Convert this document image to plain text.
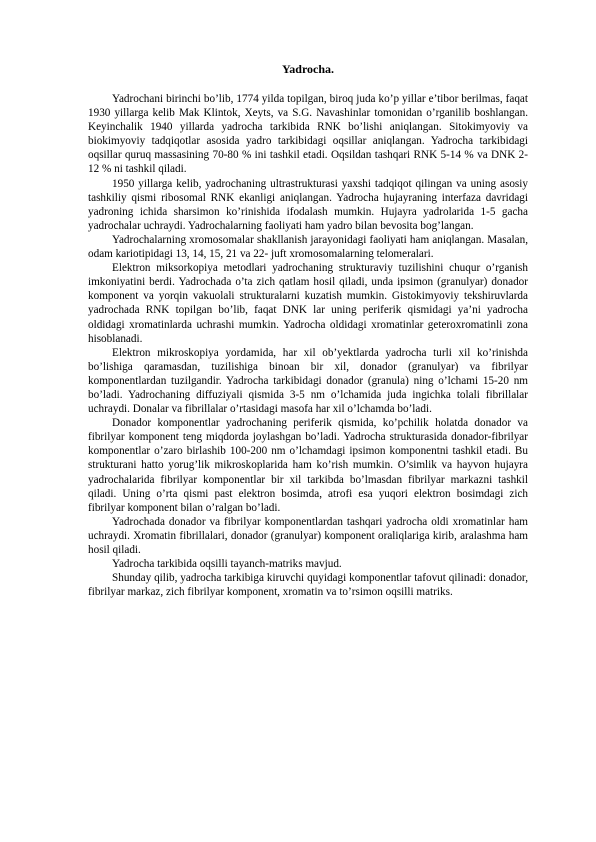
Yadrocha.

Yadrochani birinchi bo’lib, 1774 yilda topilgan, biroq juda ko’p yillar e’tibor berilmas, faqat 1930 yillarga kelib Mak Klintok, Xeyts, va S.G. Navashinlar tomonidan o’rganilib boshlangan. Keyinchalik 1940 yillarda yadrocha tarkibida RNK bo’lishi aniqlangan. Sitokimyoviy va biokimyoviy tadqiqotlar asosida yadro tarkibidagi oqsillar aniqlangan. Yadrocha tarkibidagi oqsillar quruq massasining 70-80 % ini tashkil etadi. Oqsildan tashqari RNK 5-14 % va DNK 2-12 % ni tashkil qiladi.

1950 yillarga kelib, yadrochaning ultrastrukturasi yaxshi tadqiqot qilingan va uning asosiy tashkiliy qismi ribosomal RNK ekanligi aniqlangan. Yadrocha hujayraning interfaza davridagi yadroning ichida sharsimon ko’rinishida ifodalash mumkin. Hujayra yadrolarida 1-5 gacha yadrochalar uchraydi. Yadrochalarning faoliyati ham yadro bilan bevosita bog’langan.

Yadrochalarning xromosomalar shakllanish jarayonidagi faoliyati ham aniqlangan. Masalan, odam kariotipidagi 13, 14, 15, 21 va 22- juft xromosomalarning telomeralari.

Elektron miksorkopiya metodlari yadrochaning strukturaviy tuzilishini chuqur o’rganish imkoniyatini berdi. Yadrochada o’ta zich qatlam hosil qiladi, unda ipsimon (granulyar) donador komponent va yorqin vakuolali strukturalarni kuzatish mumkin. Gistokimyoviy tekshiruvlarda yadrochada RNK topilgan bo’lib, faqat DNK lar uning periferik qismidagi ya’ni yadrocha oldidagi xromatinlarda uchrashi mumkin. Yadrocha oldidagi xromatinlar geteroxromatinli zona hisoblanadi.

Elektron mikroskopiya yordamida, har xil ob’yektlarda yadrocha turli xil ko’rinishda bo’lishiga qaramasdan, tuzilishiga binoan bir xil, donador (granulyar) va fibrilyar komponentlardan tuzilgandir. Yadrocha tarkibidagi donador (granula) ning o’lchami 15-20 nm bo’ladi. Yadrochaning diffuziyali qismida 3-5 nm o’lchamida juda ingichka tolali fibrillalar uchraydi. Donalar va fibrillalar o’rtasidagi masofa har xil o’lchamda bo’ladi.

Donador komponentlar yadrochaning periferik qismida, ko’pchilik holatda donador va fibrilyar komponent teng miqdorda joylashgan bo’ladi. Yadrocha strukturasida donador-fibrilyar komponentlar o’zaro birlashib 100-200 nm o’lchamdagi ipsimon komponentni tashkil etadi. Bu strukturani hatto yorug’lik mikroskoplarida ham ko’rish mumkin. O’simlik va hayvon hujayra yadrochalarida fibrilyar komponentlar bir xil tarkibda bo’lmasdan fibrilyar markazni tashkil qiladi. Uning o’rta qismi past elektron bosimda, atrofi esa yuqori elektron bosimdagi zich fibrilyar komponent bilan o’ralgan bo’ladi.

Yadrochada donador va fibrilyar komponentlardan tashqari yadrocha oldi xromatinlar ham uchraydi. Xromatin fibrillalari, donador (granulyar) komponent oraliqlariga kirib, aralashma ham hosil qiladi.

Yadrocha tarkibida oqsilli tayanch-matriks mavjud.

Shunday qilib, yadrocha tarkibiga kiruvchi quyidagi komponentlar tafovut qilinadi: donador, fibrilyar markaz, zich fibrilyar komponent, xromatin va to’rsimon oqsilli matriks.
